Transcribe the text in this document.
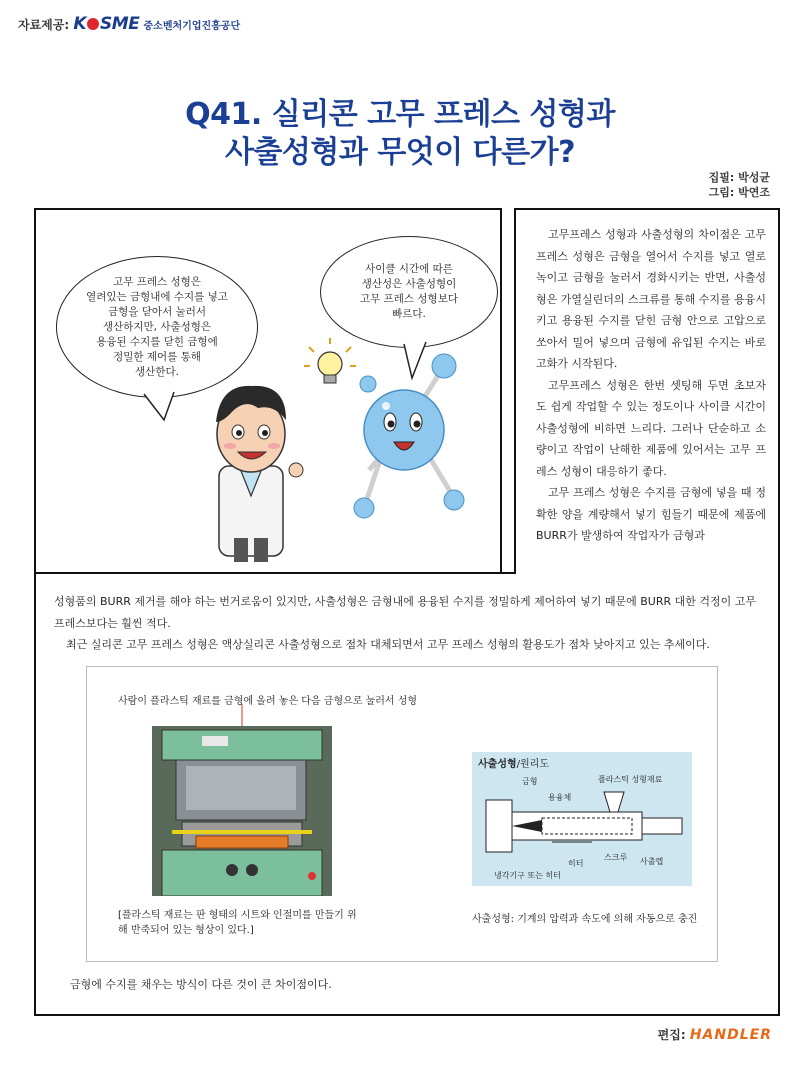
자료제공: K SME 중소벤처기업진흥공단
Q41. 실리콘 고무 프레스 성형과
사출성형과 무엇이 다른가?
집필: 박성균
그림: 박연조
고무 프레스 성형은
열려있는 금형내에 수지를 넣고
금형을 닫아서 눌러서
생산하지만, 사출성형은
용융된 수지를 닫힌 금형에
정밀한 제어를 통해
생산한다.
사이클 시간에 따른
생산성은 사출성형이
고무 프레스 성형보다
빠르다.

고무프레스 성형과 사출성형의 차이점은 고무 프레스 성형은 금형을 열어서 수지를 넣고 열로 녹이고 금형을 눌러서 경화시키는 반면, 사출성형은 가열실린더의 스크류를 통해 수지를 용융시키고 용융된 수지를 닫힌 금형 안으로 고압으로 쏘아서 밀어 넣으며 금형에 유입된 수지는 바로 고화가 시작된다.

고무프레스 성형은 한번 셋팅해 두면 초보자도 쉽게 작업할 수 있는 정도이나 사이클 시간이 사출성형에 비하면 느리다. 그러나 단순하고 소량이고 작업이 난해한 제품에 있어서는 고무 프레스 성형이 대응하기 좋다.

고무 프레스 성형은 수지를 금형에 넣을 때 정확한 양을 계량해서 넣기 힘들기 때문에 제품에 BURR가 발생하여 작업자가 금형과

성형품의 BURR 제거를 해야 하는 번거로움이 있지만, 사출성형은 금형내에 용융된 수지를 정밀하게 제어하여 넣기 때문에 BURR 대한 걱정이 고무 프레스보다는 훨씬 적다.

최근 실리콘 고무 프레스 성형은 액상실리콘 사출성형으로 점차 대체되면서 고무 프레스 성형의 활용도가 점차 낮아지고 있는 추세이다.

사람이 플라스틱 재료를 금형에 올려 놓은 다음 금형으로 눌러서 성형
[플라스틱 재료는 판 형태의 시트와 인절미를 만들기 위해 반죽되어 있는 형상이 있다.]
사출성형/원리도
금형	플라스틱 성형재료
용융체
스크루
히터	사출렙
냉각기구 또는 히터
사출성형: 기계의 압력과 속도에 의해 자동으로 충진
금형에 수지를 채우는 방식이 다른 것이 큰 차이점이다.
편집: HANDLER
